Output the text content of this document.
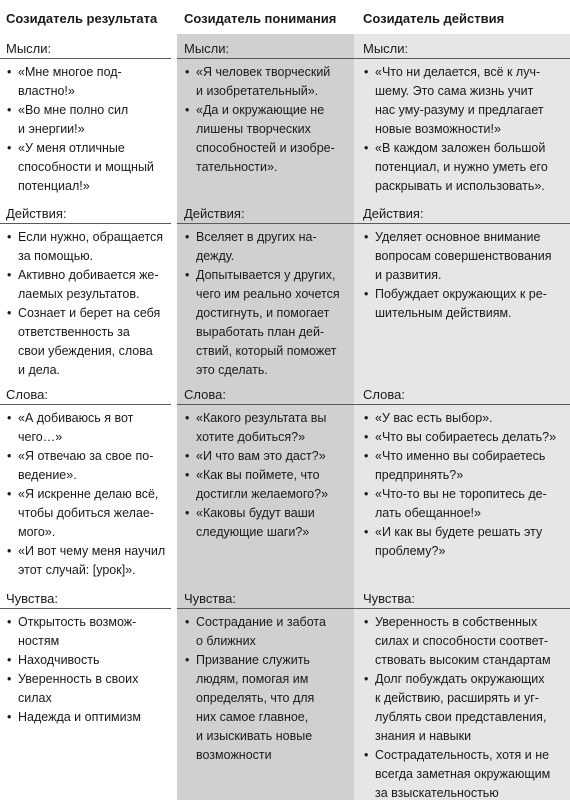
Созидатель результата
Мысли:
• «Мне многое под-
властно!»
• «Во мне полно сил
и энергии!»
• «У меня отличные
способности и мощный
потенциал!»
Действия:
• Если нужно, обращается
за помощью.
• Активно добивается же-
лаемых результатов.
• Сознает и берет на себя
ответственность за
свои убеждения, слова
и дела.
Слова:
• «А добиваюсь я вот
чего…»
• «Я отвечаю за свое по-
ведение».
• «Я искренне делаю всё,
чтобы добиться желае-
мого».
• «И вот чему меня научил
этот случай: [урок]».
Чувства:
• Открытость возмож-
ностям
• Находчивость
• Уверенность в своих
силах
• Надежда и оптимизм
Созидатель понимания
Мысли:
• «Я человек творческий
и изобретательный».
• «Да и окружающие не
лишены творческих
способностей и изобре-
тательности».
Действия:
• Вселяет в других на-
дежду.
• Допытывается у других,
чего им реально хочется
достигнуть, и помогает
выработать план дей-
ствий, который поможет
это сделать.
Слова:
• «Какого результата вы
хотите добиться?»
• «И что вам это даст?»
• «Как вы поймете, что
достигли желаемого?»
• «Каковы будут ваши
следующие шаги?»
Чувства:
• Сострадание и забота
о ближних
• Призвание служить
людям, помогая им
определять, что для
них самое главное,
и изыскивать новые
возможности
Созидатель действия
Мысли:
• «Что ни делается, всё к луч-
шему. Это сама жизнь учит
нас уму-разуму и предлагает
новые возможности!»
• «В каждом заложен большой
потенциал, и нужно уметь его
раскрывать и использовать».
Действия:
• Уделяет основное внимание
вопросам совершенствования
и развития.
• Побуждает окружающих к ре-
шительным действиям.
Слова:
• «У вас есть выбор».
• «Что вы собираетесь делать?»
• «Что именно вы собираетесь
предпринять?»
• «Что-то вы не торопитесь де-
лать обещанное!»
• «И как вы будете решать эту
проблему?»
Чувства:
• Уверенность в собственных
силах и способности соответ-
ствовать высоким стандартам
• Долг побуждать окружающих
к действию, расширять и уг-
лублять свои представления,
знания и навыки
• Сострадательность, хотя и не
всегда заметная окружающим
за взыскательностью
